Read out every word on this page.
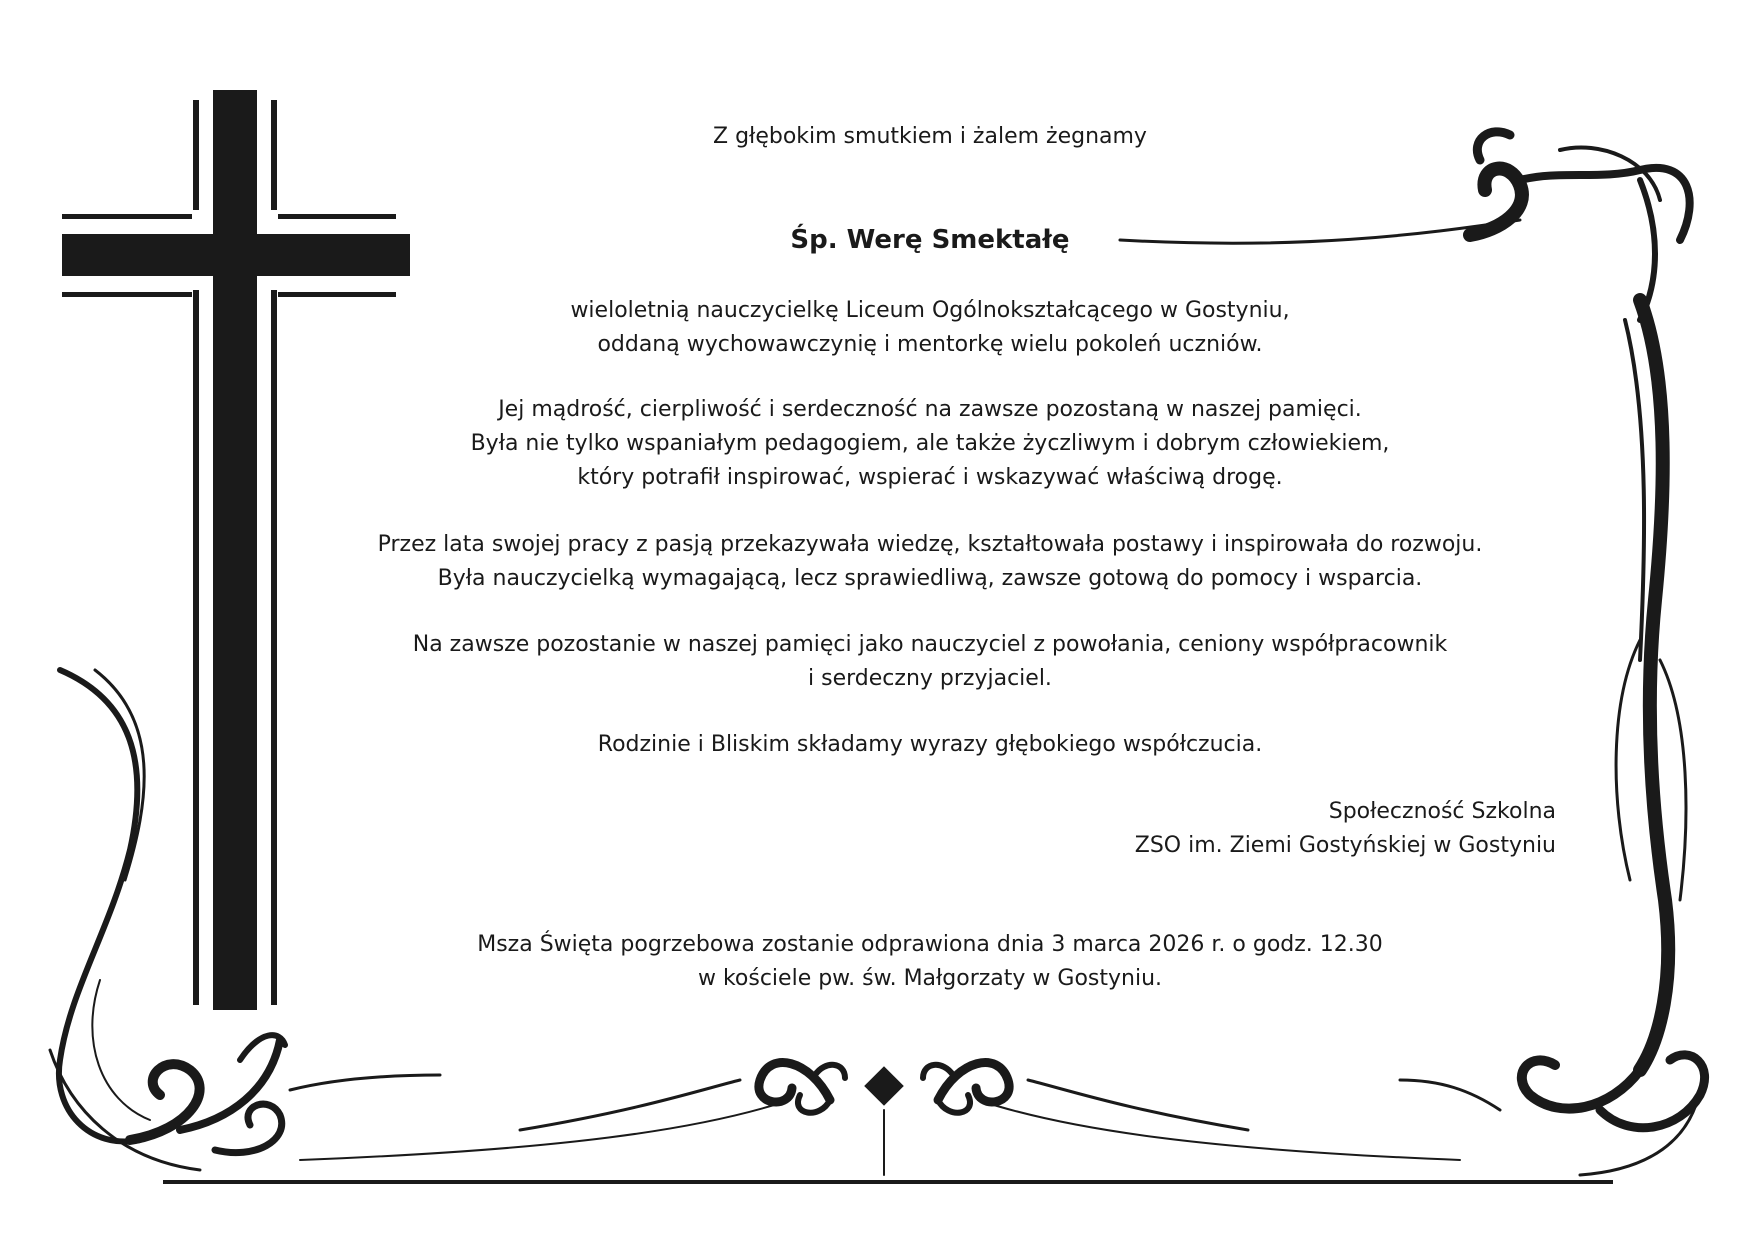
Z głębokim smutkiem i żalem żegnamy
Śp. Werę Smektałę
wieloletnią nauczycielkę Liceum Ogólnokształcącego w Gostyniu,
oddaną wychowawczynię i mentorkę wielu pokoleń uczniów.
Jej mądrość, cierpliwość i serdeczność na zawsze pozostaną w naszej pamięci.
Była nie tylko wspaniałym pedagogiem, ale także życzliwym i dobrym człowiekiem,
który potrafił inspirować, wspierać i wskazywać właściwą drogę.
Przez lata swojej pracy z pasją przekazywała wiedzę, kształtowała postawy i inspirowała do rozwoju.
Była nauczycielką wymagającą, lecz sprawiedliwą, zawsze gotową do pomocy i wsparcia.
Na zawsze pozostanie w naszej pamięci jako nauczyciel z powołania, ceniony współpracownik
i serdeczny przyjaciel.
Rodzinie i Bliskim składamy wyrazy głębokiego współczucia.
Społeczność Szkolna
ZSO im. Ziemi Gostyńskiej w Gostyniu
Msza Święta pogrzebowa zostanie odprawiona dnia 3 marca 2026 r. o godz. 12.30
w kościele pw. św. Małgorzaty w Gostyniu.
